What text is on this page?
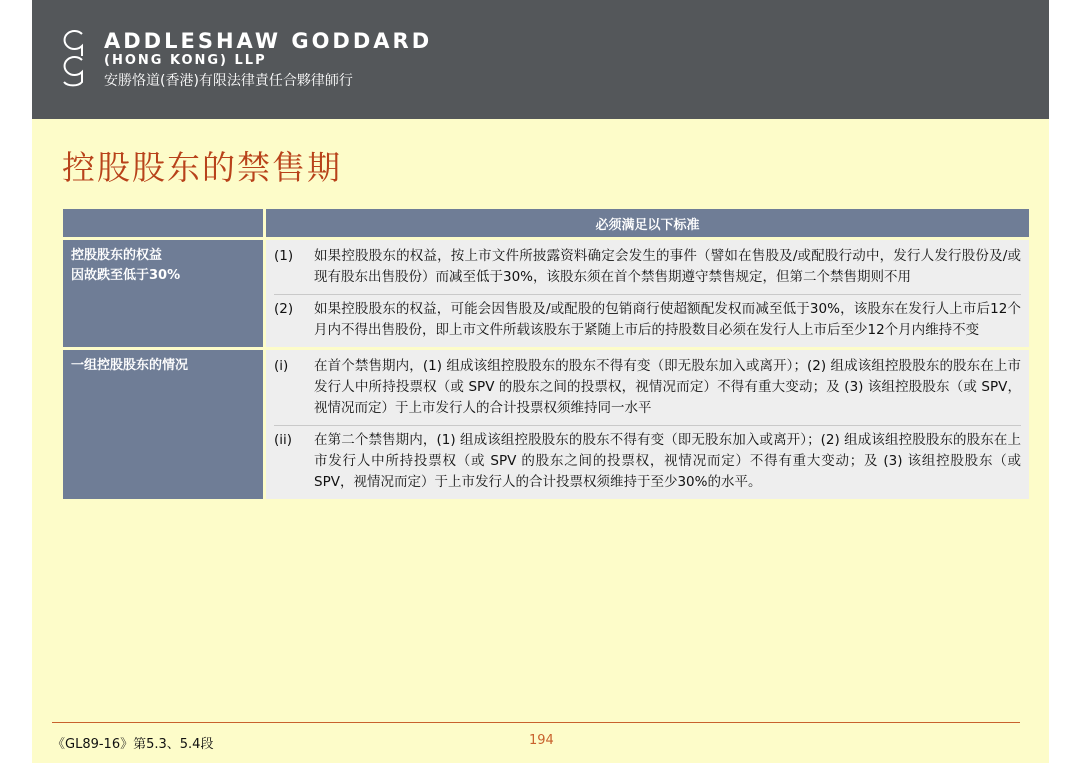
ADDLESHAW GODDARD
(HONG KONG) LLP
安勝恪道(香港)有限法律責任合夥律師行
控股股东的禁售期
必须满足以下标准
控股股东的权益
因故跌至低于30%
(1)	如果控股股东的权益，按上市文件所披露资料确定会发生的事件（譬如在售股及/或配股行动中，发行人发行股份及/或现有股东出售股份）而减至低于30%，该股东须在首个禁售期遵守禁售规定，但第二个禁售期则不用
(2)	如果控股股东的权益，可能会因售股及/或配股的包销商行使超额配发权而减至低于30%，该股东在发行人上市后12个月内不得出售股份，即上市文件所载该股东于紧随上市后的持股数目必须在发行人上市后至少12个月内维持不变
一组控股股东的情况	(i)	在首个禁售期内，(1) 组成该组控股股东的股东不得有变（即无股东加入或离开）；(2) 组成该组控股股东的股东在上市发行人中所持投票权（或 SPV 的股东之间的投票权，视情况而定）不得有重大变动；及 (3) 该组控股股东（或 SPV，视情况而定）于上市发行人的合计投票权须维持同一水平
(ii)	在第二个禁售期内，(1) 组成该组控股股东的股东不得有变（即无股东加入或离开）；(2) 组成该组控股股东的股东在上市发行人中所持投票权（或 SPV 的股东之间的投票权，视情况而定）不得有重大变动；及 (3) 该组控股股东（或 SPV，视情况而定）于上市发行人的合计投票权须维持于至少30%的水平。
《GL89-16》第5.3、5.4段	194
